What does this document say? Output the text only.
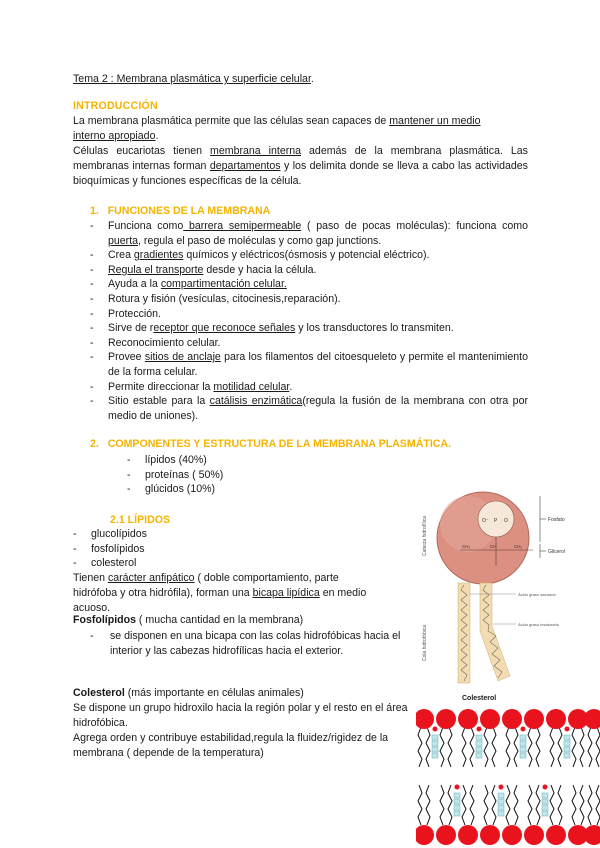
Tema 2 : Membrana plasmática y superficie celular.
INTRODUCCIÓN
La membrana plasmática permite que las células sean capaces de mantener un medio
interno apropiado.
Células eucariotas tienen membrana interna además de la membrana plasmática. Las membranas internas forman departamentos y los delimita donde se lleva a cabo las actividades bioquímicas y funciones específicas de la célula.
1. FUNCIONES DE LA MEMBRANA
- Funciona como barrera semipermeable ( paso de pocas moléculas): funciona como puerta, regula el paso de moléculas y como gap junctions.
- Crea gradientes químicos y eléctricos(ósmosis y potencial eléctrico).
- Regula el transporte desde y hacia la célula.
- Ayuda a la compartimentación celular.
- Rotura y fisión (vesículas, citocinesis,reparación).
- Protección.
- Sirve de receptor que reconoce señales y los transductores lo transmiten.
- Reconocimiento celular.
- Provee sitios de anclaje para los filamentos del citoesqueleto y permite el mantenimiento de la forma celular.
- Permite direccionar la motilidad celular.
- Sitio estable para la catálisis enzimática(regula la fusión de la membrana con otra por medio de uniones).
2. COMPONENTES Y ESTRUCTURA DE LA MEMBRANA PLASMÁTICA.
- lípidos (40%)
- proteínas ( 50%)
- glúcidos (10%)
2.1 LÍPIDOS
- glucolípidos
- fosfolípidos
- colesterol
Tienen carácter anfipático ( doble comportamiento, parte hidrófoba y otra hidrófila), forman una bicapa lipídica en medio acuoso.
Fosfolípidos ( mucha cantidad en la membrana)
- se disponen en una bicapa con las colas hidrofóbicas hacia el interior y las cabezas hidrofílicas hacia el exterior.
Colesterol (más importante en células animales)
Se dispone un grupo hidroxilo hacia la región polar y el resto en el área hidrofóbica.
Agrega orden y contribuye estabilidad,regula la fluidez/rigidez de la membrana ( depende de la temperatura)
Cabeza hidrofílica
Cola hidrofóbica
O⁻ P O
CH₂	CH	CH₂
Fosfato
Glicerol
Ácido graso saturado
Ácido graso insaturado
Colesterol
